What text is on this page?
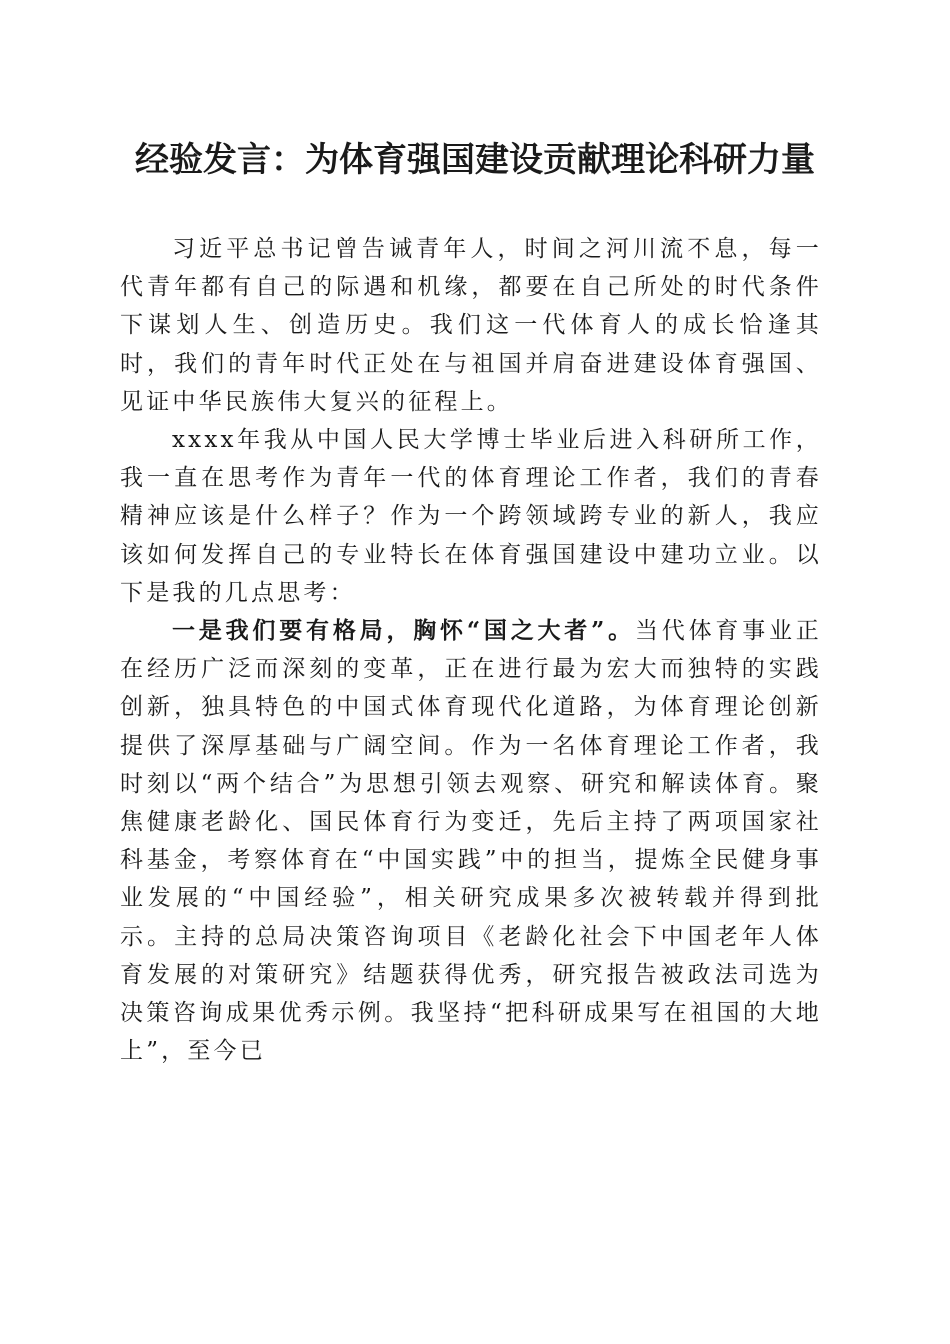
经验发言：为体育强国建设贡献理论科研力量

习近平总书记曾告诫青年人，时间之河川流不息，每一代青年都有自己的际遇和机缘，都要在自己所处的时代条件下谋划人生、创造历史。我们这一代体育人的成长恰逢其时，我们的青年时代正处在与祖国并肩奋进建设体育强国、见证中华民族伟大复兴的征程上。

xxxx年我从中国人民大学博士毕业后进入科研所工作，我一直在思考作为青年一代的体育理论工作者，我们的青春精神应该是什么样子？作为一个跨领域跨专业的新人，我应该如何发挥自己的专业特长在体育强国建设中建功立业。以下是我的几点思考：

一是我们要有格局，胸怀“国之大者”。当代体育事业正在经历广泛而深刻的变革，正在进行最为宏大而独特的实践创新，独具特色的中国式体育现代化道路，为体育理论创新提供了深厚基础与广阔空间。作为一名体育理论工作者，我时刻以“两个结合”为思想引领去观察、研究和解读体育。聚焦健康老龄化、国民体育行为变迁，先后主持了两项国家社科基金，考察体育在“中国实践”中的担当，提炼全民健身事业发展的“中国经验”，相关研究成果多次被转载并得到批示。主持的总局决策咨询项目《老龄化社会下中国老年人体育发展的对策研究》结题获得优秀，研究报告被政法司选为决策咨询成果优秀示例。我坚持“把科研成果写在祖国的大地上”，至今已
